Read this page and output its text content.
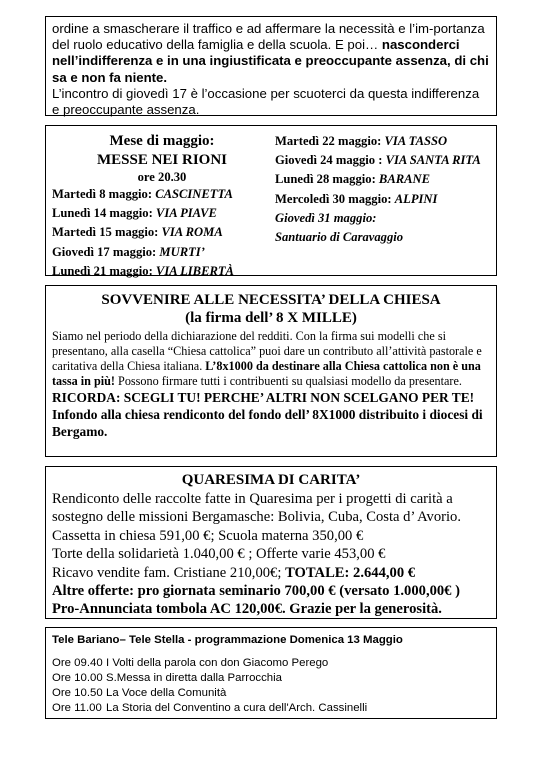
ordine a smascherare il traffico e ad affermare la necessità e l’im-portanza del ruolo educativo della famiglia e della scuola. E poi… nasconderci nell’indifferenza e in una ingiustificata e preoccupante assenza, di chi sa e non fa niente.

L’incontro di giovedì 17 è l’occasione per scuoterci da questa indifferenza e preoccupante assenza.

Mese di maggio:
MESSE NEI RIONI
ore 20.30
Martedì 8 maggio: CASCINETTA
Lunedì 14 maggio: VIA PIAVE
Martedì 15 maggio: VIA ROMA
Giovedì 17 maggio: MURTI’
Lunedì 21 maggio: VIA LIBERTÀ
Martedì 22 maggio: VIA TASSO
Giovedì 24 maggio : VIA SANTA RITA
Lunedì 28 maggio: BARANE
Mercoledì 30 maggio: ALPINI
Giovedì 31 maggio:
Santuario di Caravaggio
SOVVENIRE ALLE NECESSITA’ DELLA CHIESA
(la firma dell’ 8 X MILLE)

Siamo nel periodo della dichiarazione del redditi. Con la firma sui modelli che si presentano, alla casella “Chiesa cattolica” puoi dare un contributo all’attività pastorale e caritativa della Chiesa italiana. L’8x1000 da destinare alla Chiesa cattolica non è una tassa in più! Possono firmare tutti i contribuenti su qualsiasi modello da presentare.

RICORDA: SCEGLI TU! PERCHE’ ALTRI NON SCELGANO PER TE!

Infondo alla chiesa rendiconto del fondo dell’ 8X1000 distribuito i diocesi di Bergamo.

QUARESIMA DI CARITA’

Rendiconto delle raccolte fatte in Quaresima per i progetti di carità a sostegno delle missioni Bergamasche: Bolivia, Cuba, Costa d’ Avorio.

Cassetta in chiesa 591,00 €; Scuola materna 350,00 €

Torte della solidarietà 1.040,00 € ; Offerte varie 453,00 €

Ricavo vendite fam. Cristiane 210,00€; TOTALE: 2.644,00 €

Altre offerte: pro giornata seminario 700,00 € (versato 1.000,00€ )

Pro-Annunciata tombola AC 120,00€. Grazie per la generosità.

Tele Bariano– Tele Stella - programmazione Domenica 13 Maggio
Ore 09.40 I Volti della parola con don Giacomo Perego
Ore 10.00 S.Messa in diretta dalla Parrocchia
Ore 10.50 La Voce della Comunità
Ore 11.00 La Storia del Conventino a cura dell'Arch. Cassinelli
